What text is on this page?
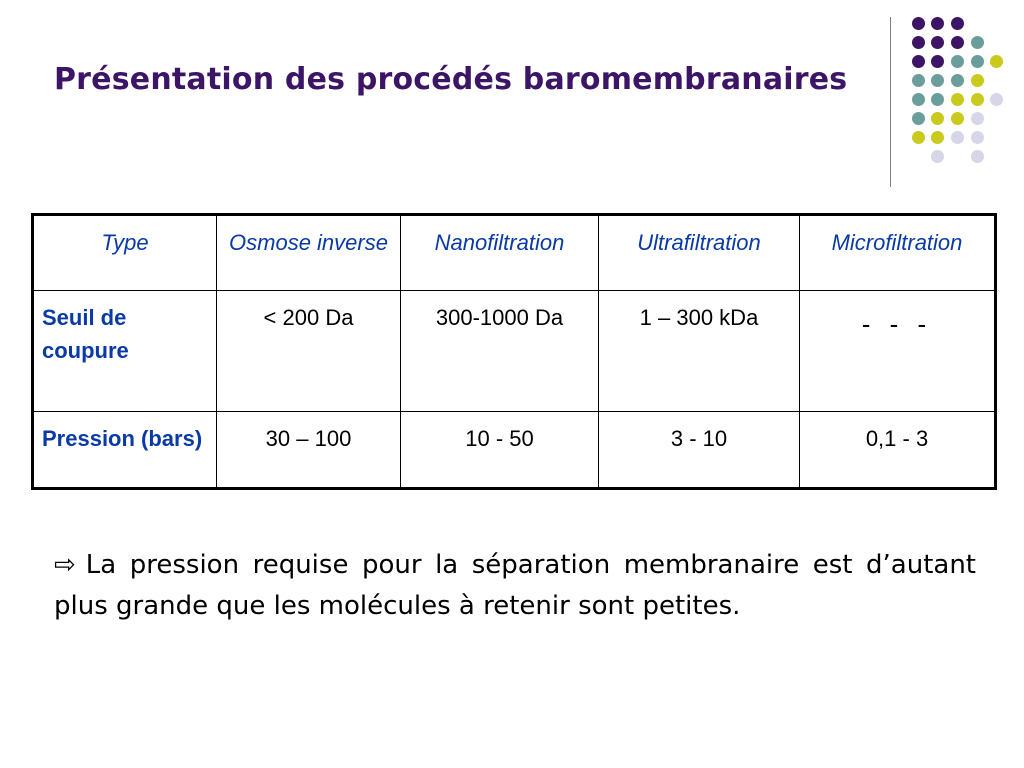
Présentation des procédés baromembranaires
Type	Osmose inverse	Nanofiltration	Ultrafiltration	Microfiltration
Seuil de coupure	< 200 Da	300-1000 Da	1 – 300 kDa	- - -
Pression (bars)	30 – 100	10 - 50	3 - 10	0,1 - 3
⇨ La pression requise pour la séparation membranaire est d’autant plus grande que les molécules à retenir sont petites.
